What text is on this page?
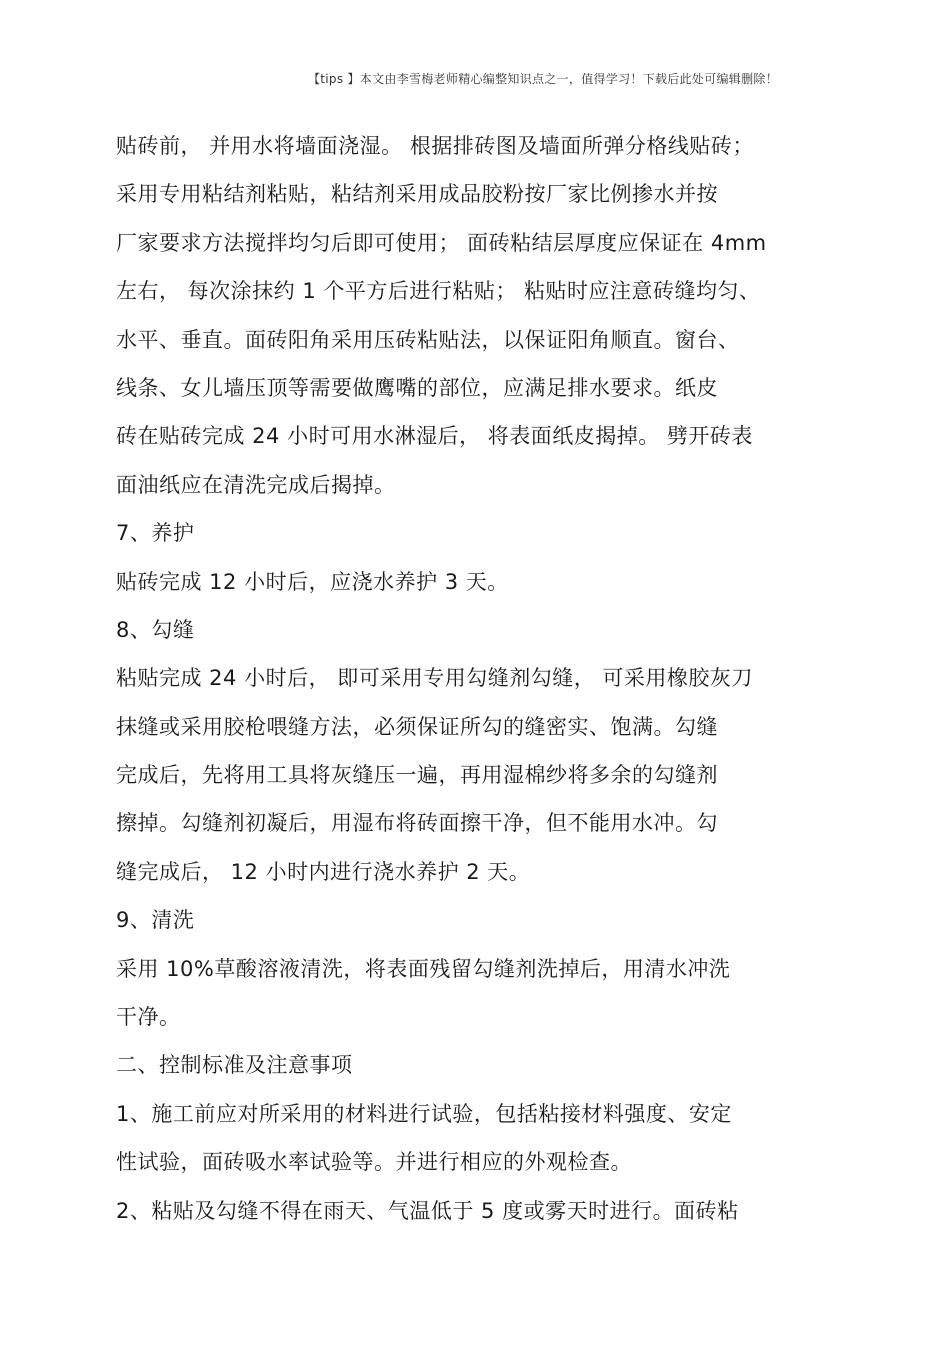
【tips 】本文由李雪梅老师精心编整知识点之一，值得学习！下载后此处可编辑删除！
贴砖前， 并用水将墙面浇湿。 根据排砖图及墙面所弹分格线贴砖；
采用专用粘结剂粘贴，粘结剂采用成品胶粉按厂家比例掺水并按
厂家要求方法搅拌均匀后即可使用； 面砖粘结层厚度应保证在 4mm
左右， 每次涂抹约 1 个平方后进行粘贴； 粘贴时应注意砖缝均匀、
水平、垂直。面砖阳角采用压砖粘贴法，以保证阳角顺直。窗台、
线条、女儿墙压顶等需要做鹰嘴的部位，应满足排水要求。纸皮
砖在贴砖完成 24 小时可用水淋湿后， 将表面纸皮揭掉。 劈开砖表
面油纸应在清洗完成后揭掉。
7、养护
贴砖完成 12 小时后，应浇水养护 3 天。
8、勾缝
粘贴完成 24 小时后， 即可采用专用勾缝剂勾缝， 可采用橡胶灰刀
抹缝或采用胶枪喂缝方法，必须保证所勾的缝密实、饱满。勾缝
完成后，先将用工具将灰缝压一遍，再用湿棉纱将多余的勾缝剂
擦掉。勾缝剂初凝后，用湿布将砖面擦干净，但不能用水冲。勾
缝完成后， 12 小时内进行浇水养护 2 天。
9、清洗
采用 10%草酸溶液清洗，将表面残留勾缝剂洗掉后，用清水冲洗
干净。
二、控制标准及注意事项
1、施工前应对所采用的材料进行试验，包括粘接材料强度、安定
性试验，面砖吸水率试验等。并进行相应的外观检查。
2、粘贴及勾缝不得在雨天、气温低于 5 度或雾天时进行。面砖粘
